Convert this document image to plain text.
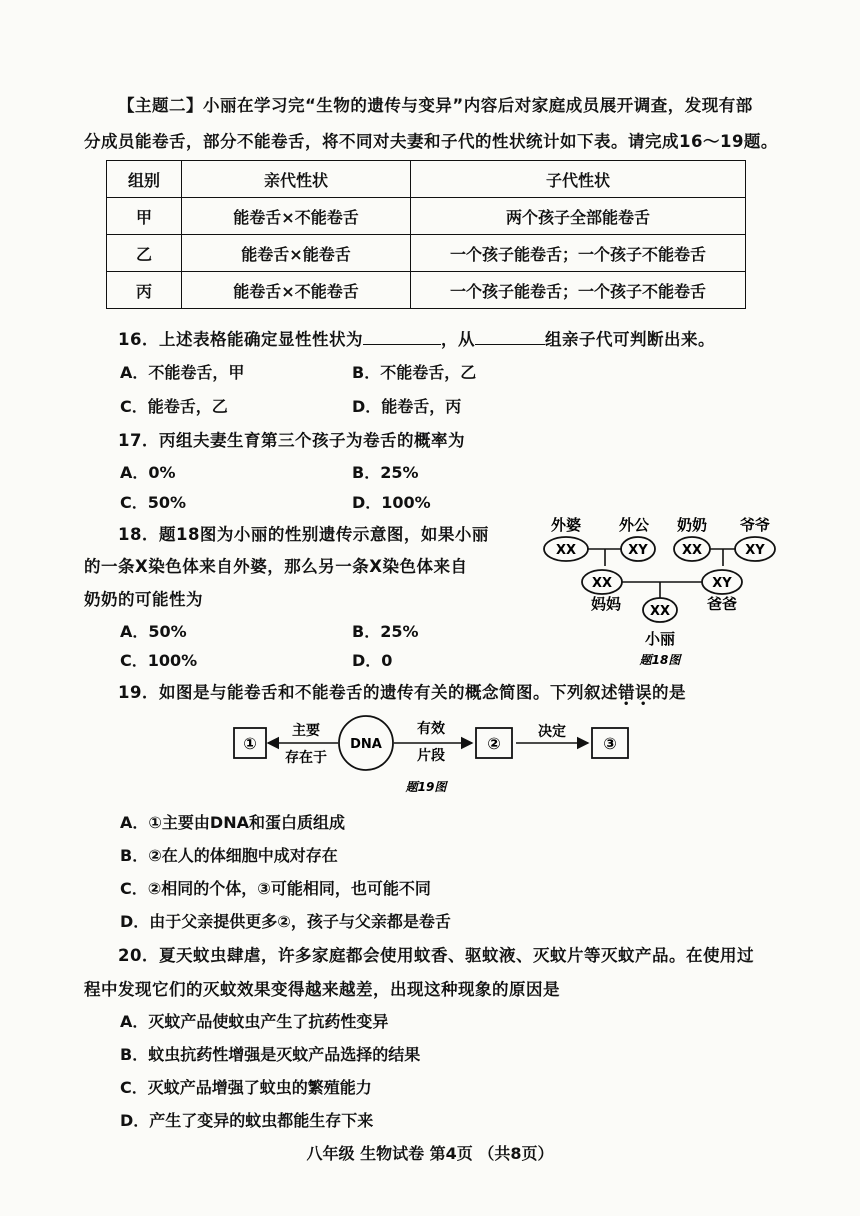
【主题二】小丽在学习完“生物的遗传与变异”内容后对家庭成员展开调查，发现有部
分成员能卷舌，部分不能卷舌，将不同对夫妻和子代的性状统计如下表。请完成16～19题。
组别	亲代性状	子代性状
甲	能卷舌×不能卷舌	两个孩子全部能卷舌
乙	能卷舌×能卷舌	一个孩子能卷舌；一个孩子不能卷舌
丙	能卷舌×不能卷舌	一个孩子能卷舌；一个孩子不能卷舌
16．上述表格能确定显性性状为	，从	组亲子代可判断出来。
A．不能卷舌，甲	B．不能卷舌，乙
C．能卷舌，乙	D．能卷舌，丙
17．丙组夫妻生育第三个孩子为卷舌的概率为
A．0%	B．25%
C．50%	D．100%
18．题18图为小丽的性别遗传示意图，如果小丽
的一条X染色体来自外婆，那么另一条X染色体来自
奶奶的可能性为
A．50%	B．25%
C．100%	D．0
XX	XY	XX	XY
XX	XY
XX
外婆	外公 奶奶 爷爷
妈妈	爸爸
小丽
题18图
19．如图是与能卷舌和不能卷舌的遗传有关的概念简图。下列叙述错误的是
①
主要
存在于
DNA
有效
片段
②
决定
③
题19图
A．①主要由DNA和蛋白质组成
B．②在人的体细胞中成对存在
C．②相同的个体，③可能相同，也可能不同
D．由于父亲提供更多②，孩子与父亲都是卷舌
20．夏天蚊虫肆虐，许多家庭都会使用蚊香、驱蚊液、灭蚊片等灭蚊产品。在使用过
程中发现它们的灭蚊效果变得越来越差，出现这种现象的原因是
A．灭蚊产品使蚊虫产生了抗药性变异
B．蚊虫抗药性增强是灭蚊产品选择的结果
C．灭蚊产品增强了蚊虫的繁殖能力
D．产生了变异的蚊虫都能生存下来
八年级 生物试卷 第4页 （共8页）
